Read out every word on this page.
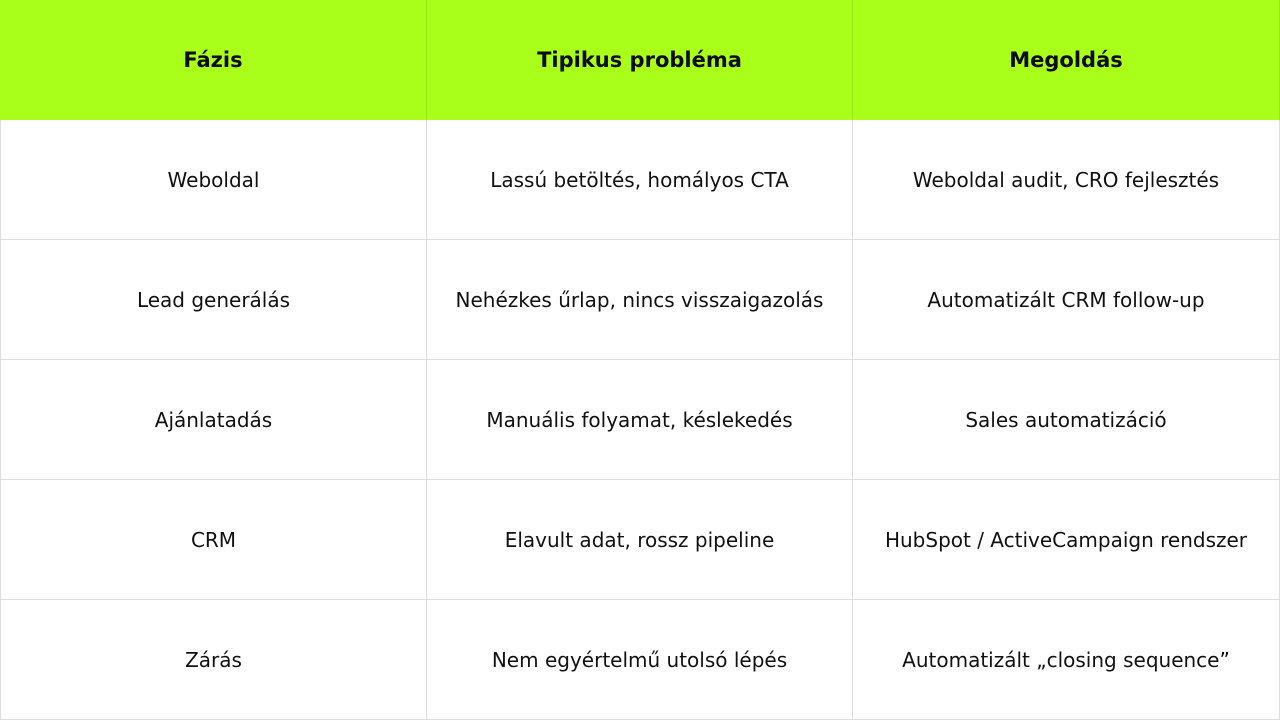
Fázis	Tipikus probléma	Megoldás
Weboldal	Lassú betöltés, homályos CTA	Weboldal audit, CRO fejlesztés
Lead generálás	Nehézkes űrlap, nincs visszaigazolás	Automatizált CRM follow-up
Ajánlatadás	Manuális folyamat, késlekedés	Sales automatizáció
CRM	Elavult adat, rossz pipeline	HubSpot / ActiveCampaign rendszer
Zárás	Nem egyértelmű utolsó lépés	Automatizált „closing sequence”
